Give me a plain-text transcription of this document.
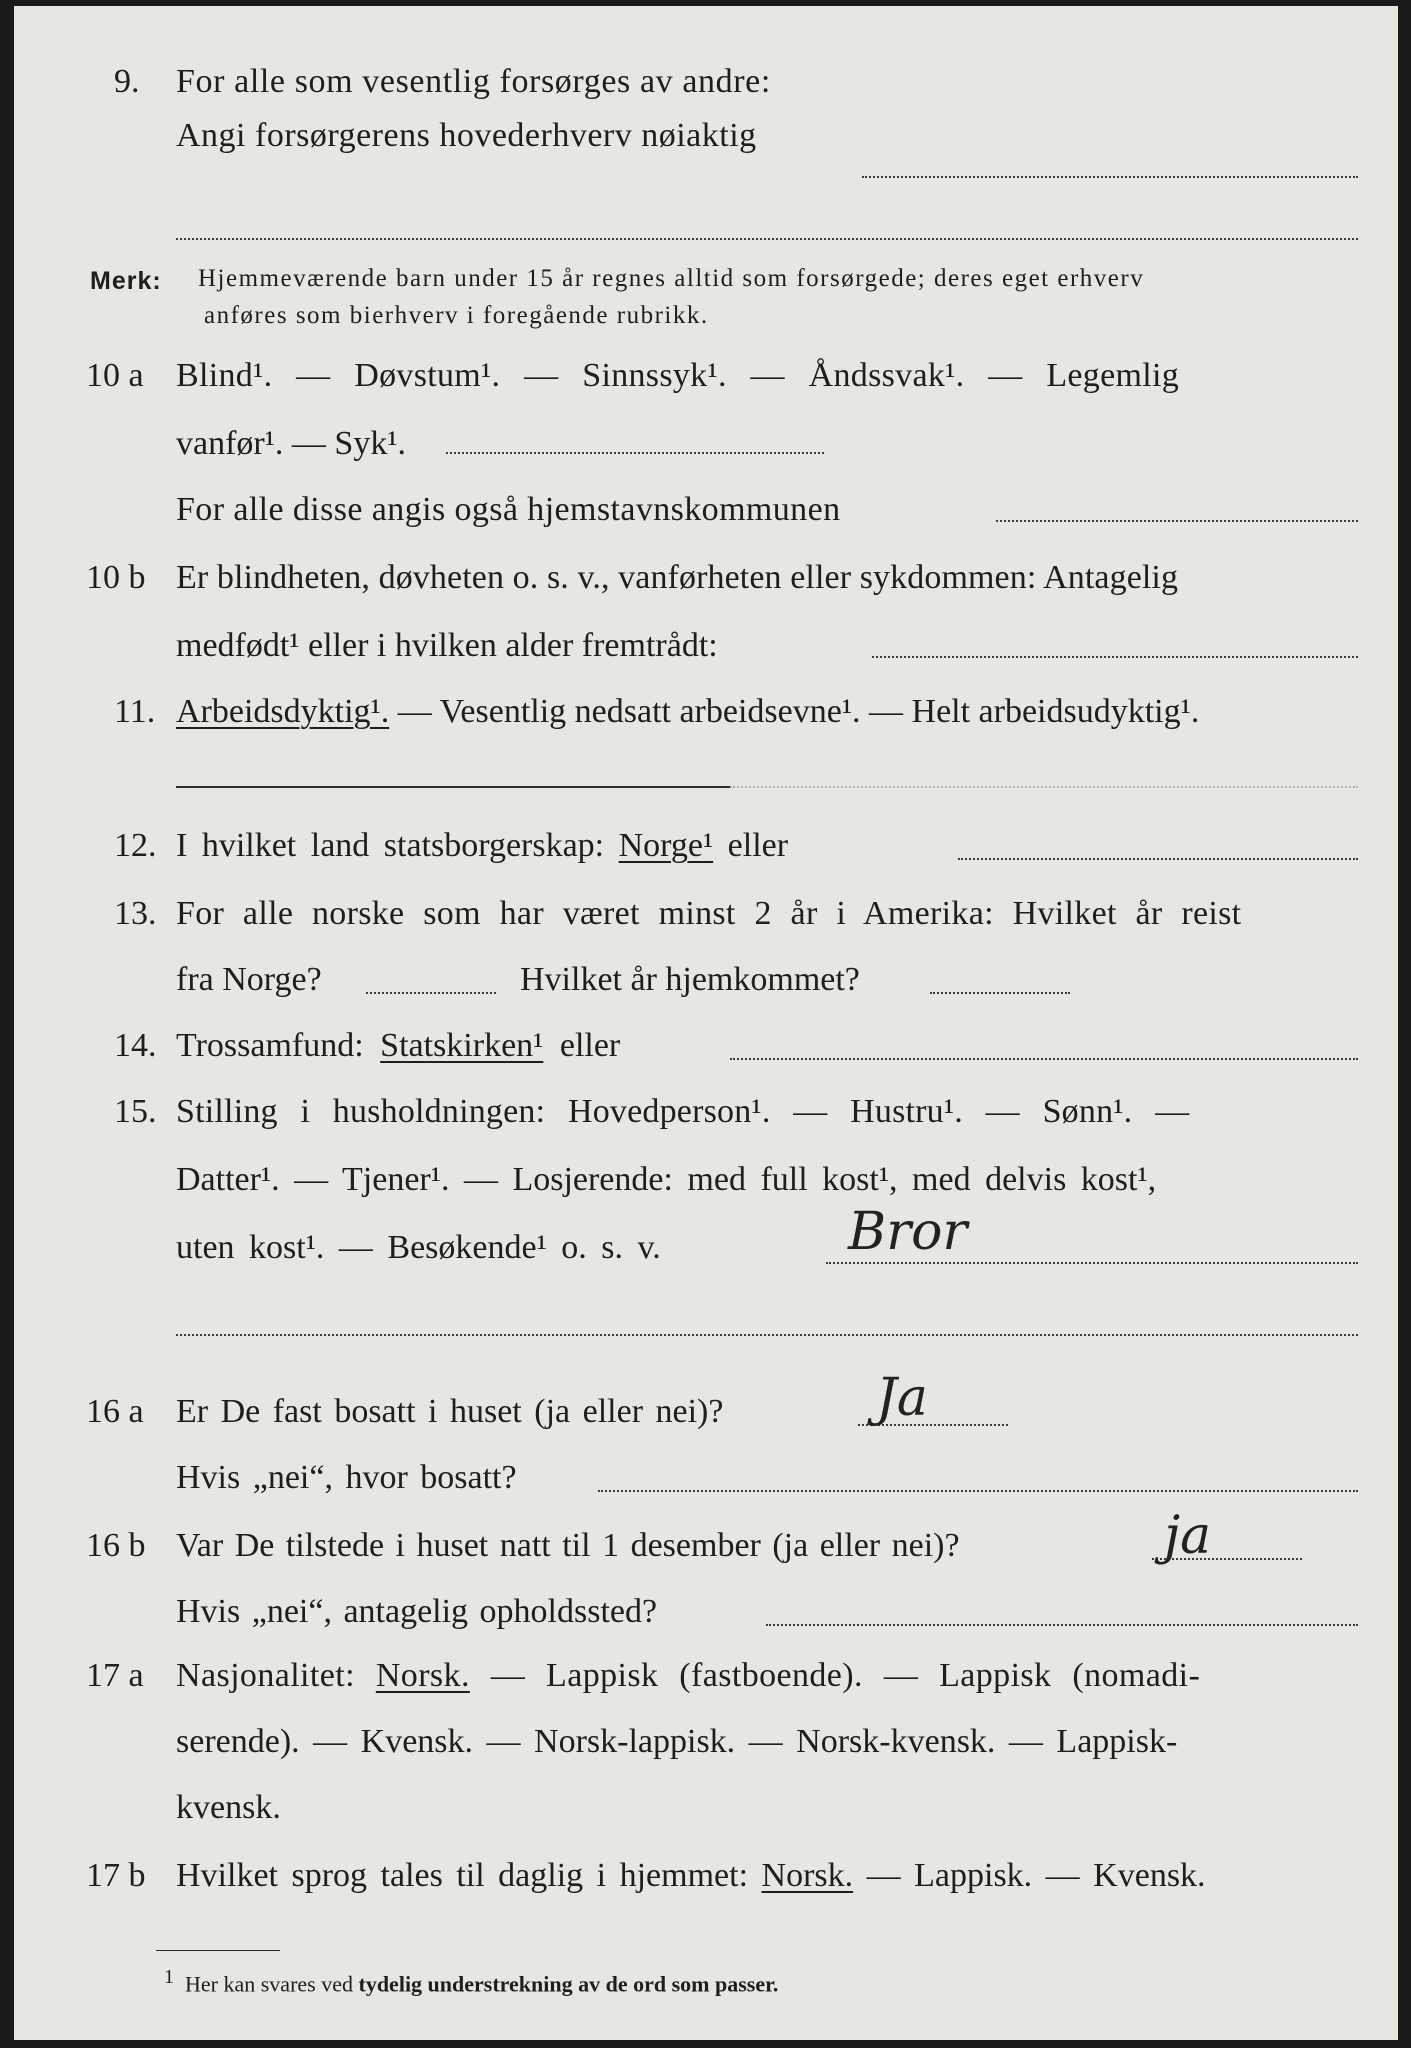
9. For alle som vesentlig forsørges av andre:
Angi forsørgerens hovederhverv nøiaktig
Merk: Hjemmeværende barn under 15 år regnes alltid som forsørgede; deres eget erhverv
anføres som bierhverv i foregående rubrikk.
10 a Blind¹. — Døvstum¹. — Sinnssyk¹. — Åndssvak¹. — Legemlig
vanfør¹. — Syk¹.
For alle disse angis også hjemstavnskommunen
10 b Er blindheten, døvheten o. s. v., vanførheten eller sykdommen: Antagelig
medfødt¹ eller i hvilken alder fremtrådt:
11. Arbeidsdyktig¹. — Vesentlig nedsatt arbeidsevne¹. — Helt arbeidsudyktig¹.
12. I hvilket land statsborgerskap: Norge¹ eller
13. For alle norske som har været minst 2 år i Amerika: Hvilket år reist
fra Norge?	Hvilket år hjemkommet?
14. Trossamfund: Statskirken¹ eller
15. Stilling i husholdningen: Hovedperson¹. — Hustru¹. — Sønn¹. —
Datter¹. — Tjener¹. — Losjerende: med full kost¹, med delvis kost¹,
uten kost¹. — Besøkende¹ o. s. v.	Bror
16 a Er De fast bosatt i huset (ja eller nei)?	Ja
Hvis „nei“, hvor bosatt?
16 b Var De tilstede i huset natt til 1 desember (ja eller nei)?	ja
Hvis „nei“, antagelig opholdssted?
17 a Nasjonalitet: Norsk. — Lappisk (fastboende). — Lappisk (nomadi-
serende). — Kvensk. — Norsk-lappisk. — Norsk-kvensk. — Lappisk-
kvensk.
17 b Hvilket sprog tales til daglig i hjemmet: Norsk. — Lappisk. — Kvensk.
1 Her kan svares ved tydelig understrekning av de ord som passer.
